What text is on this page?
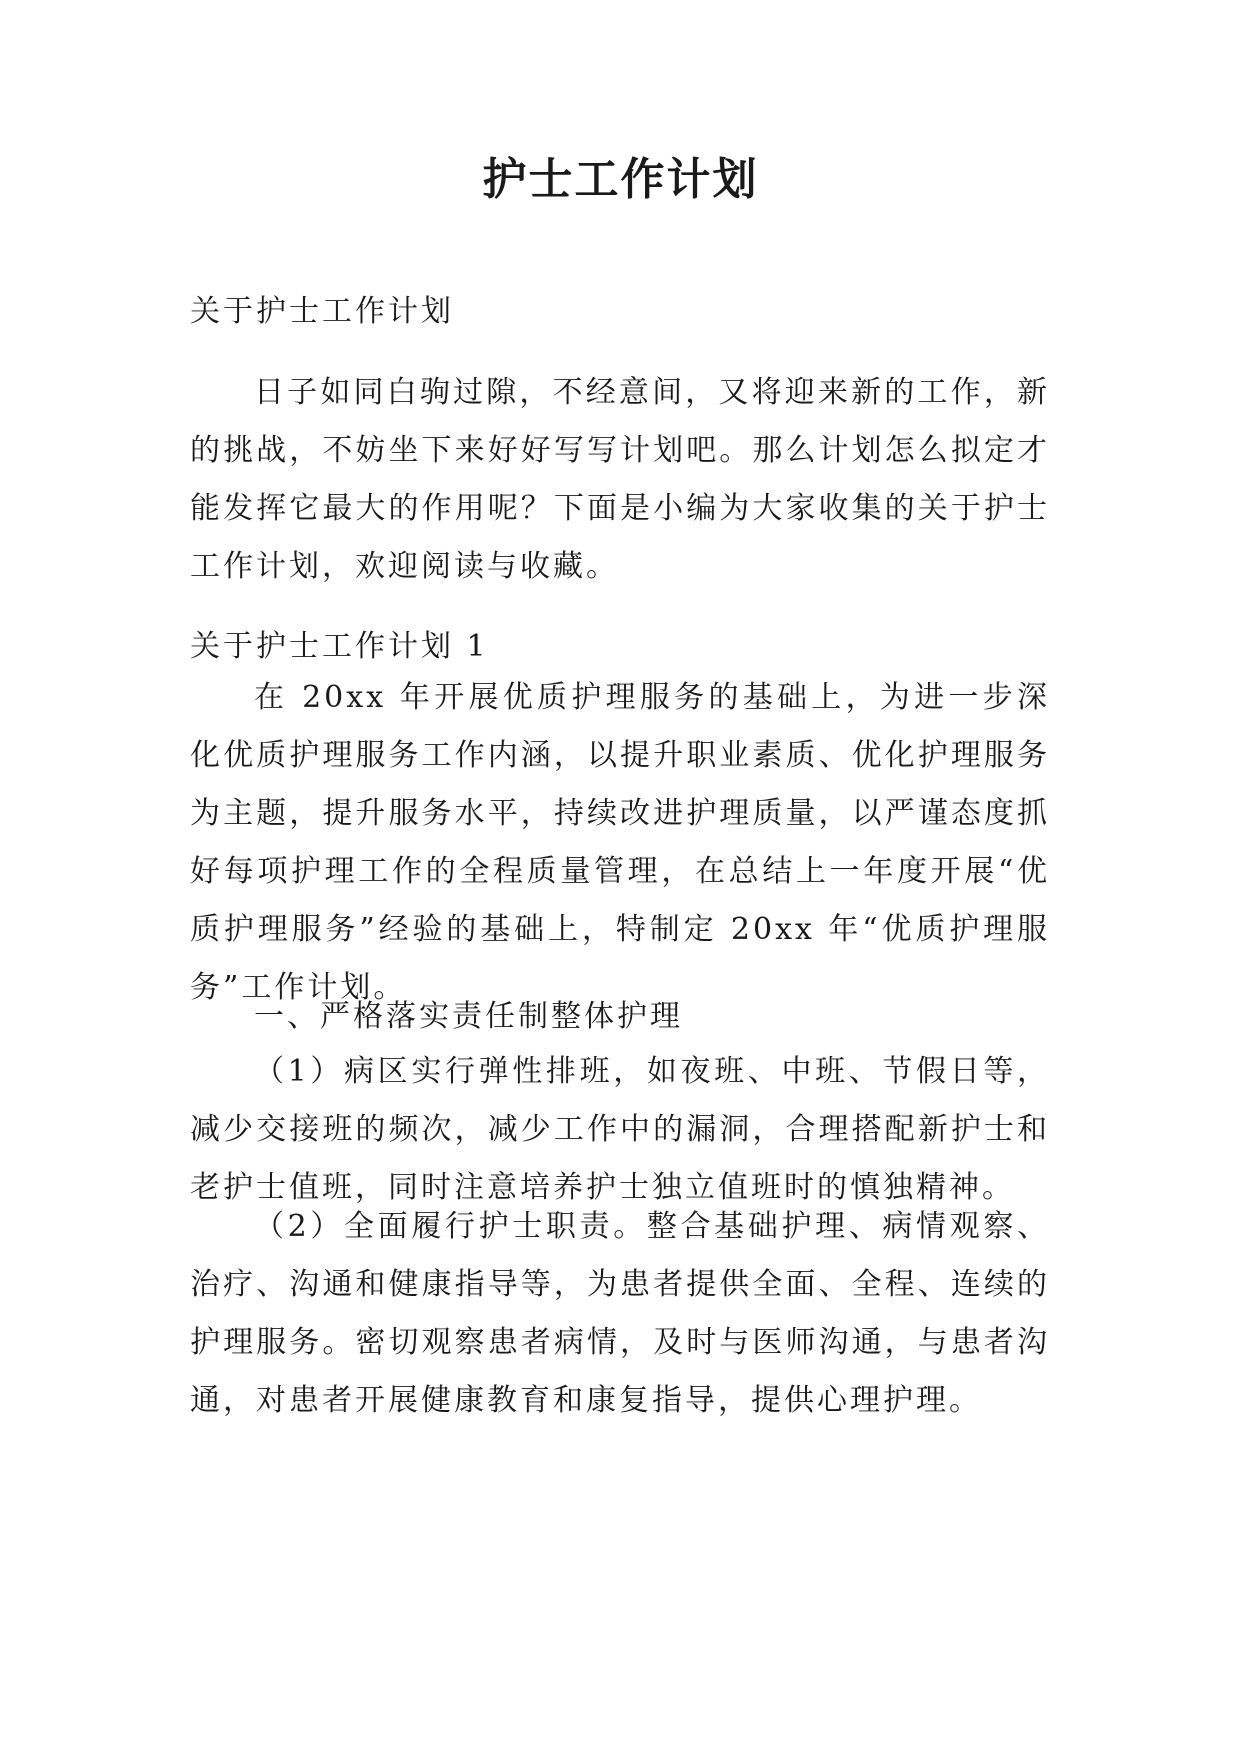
护士工作计划

关于护士工作计划

日子如同白驹过隙，不经意间，又将迎来新的工作，新的挑战，不妨坐下来好好写写计划吧。那么计划怎么拟定才能发挥它最大的作用呢？下面是小编为大家收集的关于护士工作计划，欢迎阅读与收藏。

关于护士工作计划 1

在 20xx 年开展优质护理服务的基础上，为进一步深化优质护理服务工作内涵，以提升职业素质、优化护理服务为主题，提升服务水平，持续改进护理质量，以严谨态度抓好每项护理工作的全程质量管理，在总结上一年度开展“优质护理服务”经验的基础上，特制定 20xx 年“优质护理服务”工作计划。

一、严格落实责任制整体护理

（1）病区实行弹性排班，如夜班、中班、节假日等，减少交接班的频次，减少工作中的漏洞，合理搭配新护士和老护士值班，同时注意培养护士独立值班时的慎独精神。

（2）全面履行护士职责。整合基础护理、病情观察、治疗、沟通和健康指导等，为患者提供全面、全程、连续的护理服务。密切观察患者病情，及时与医师沟通，与患者沟通，对患者开展健康教育和康复指导，提供心理护理。
